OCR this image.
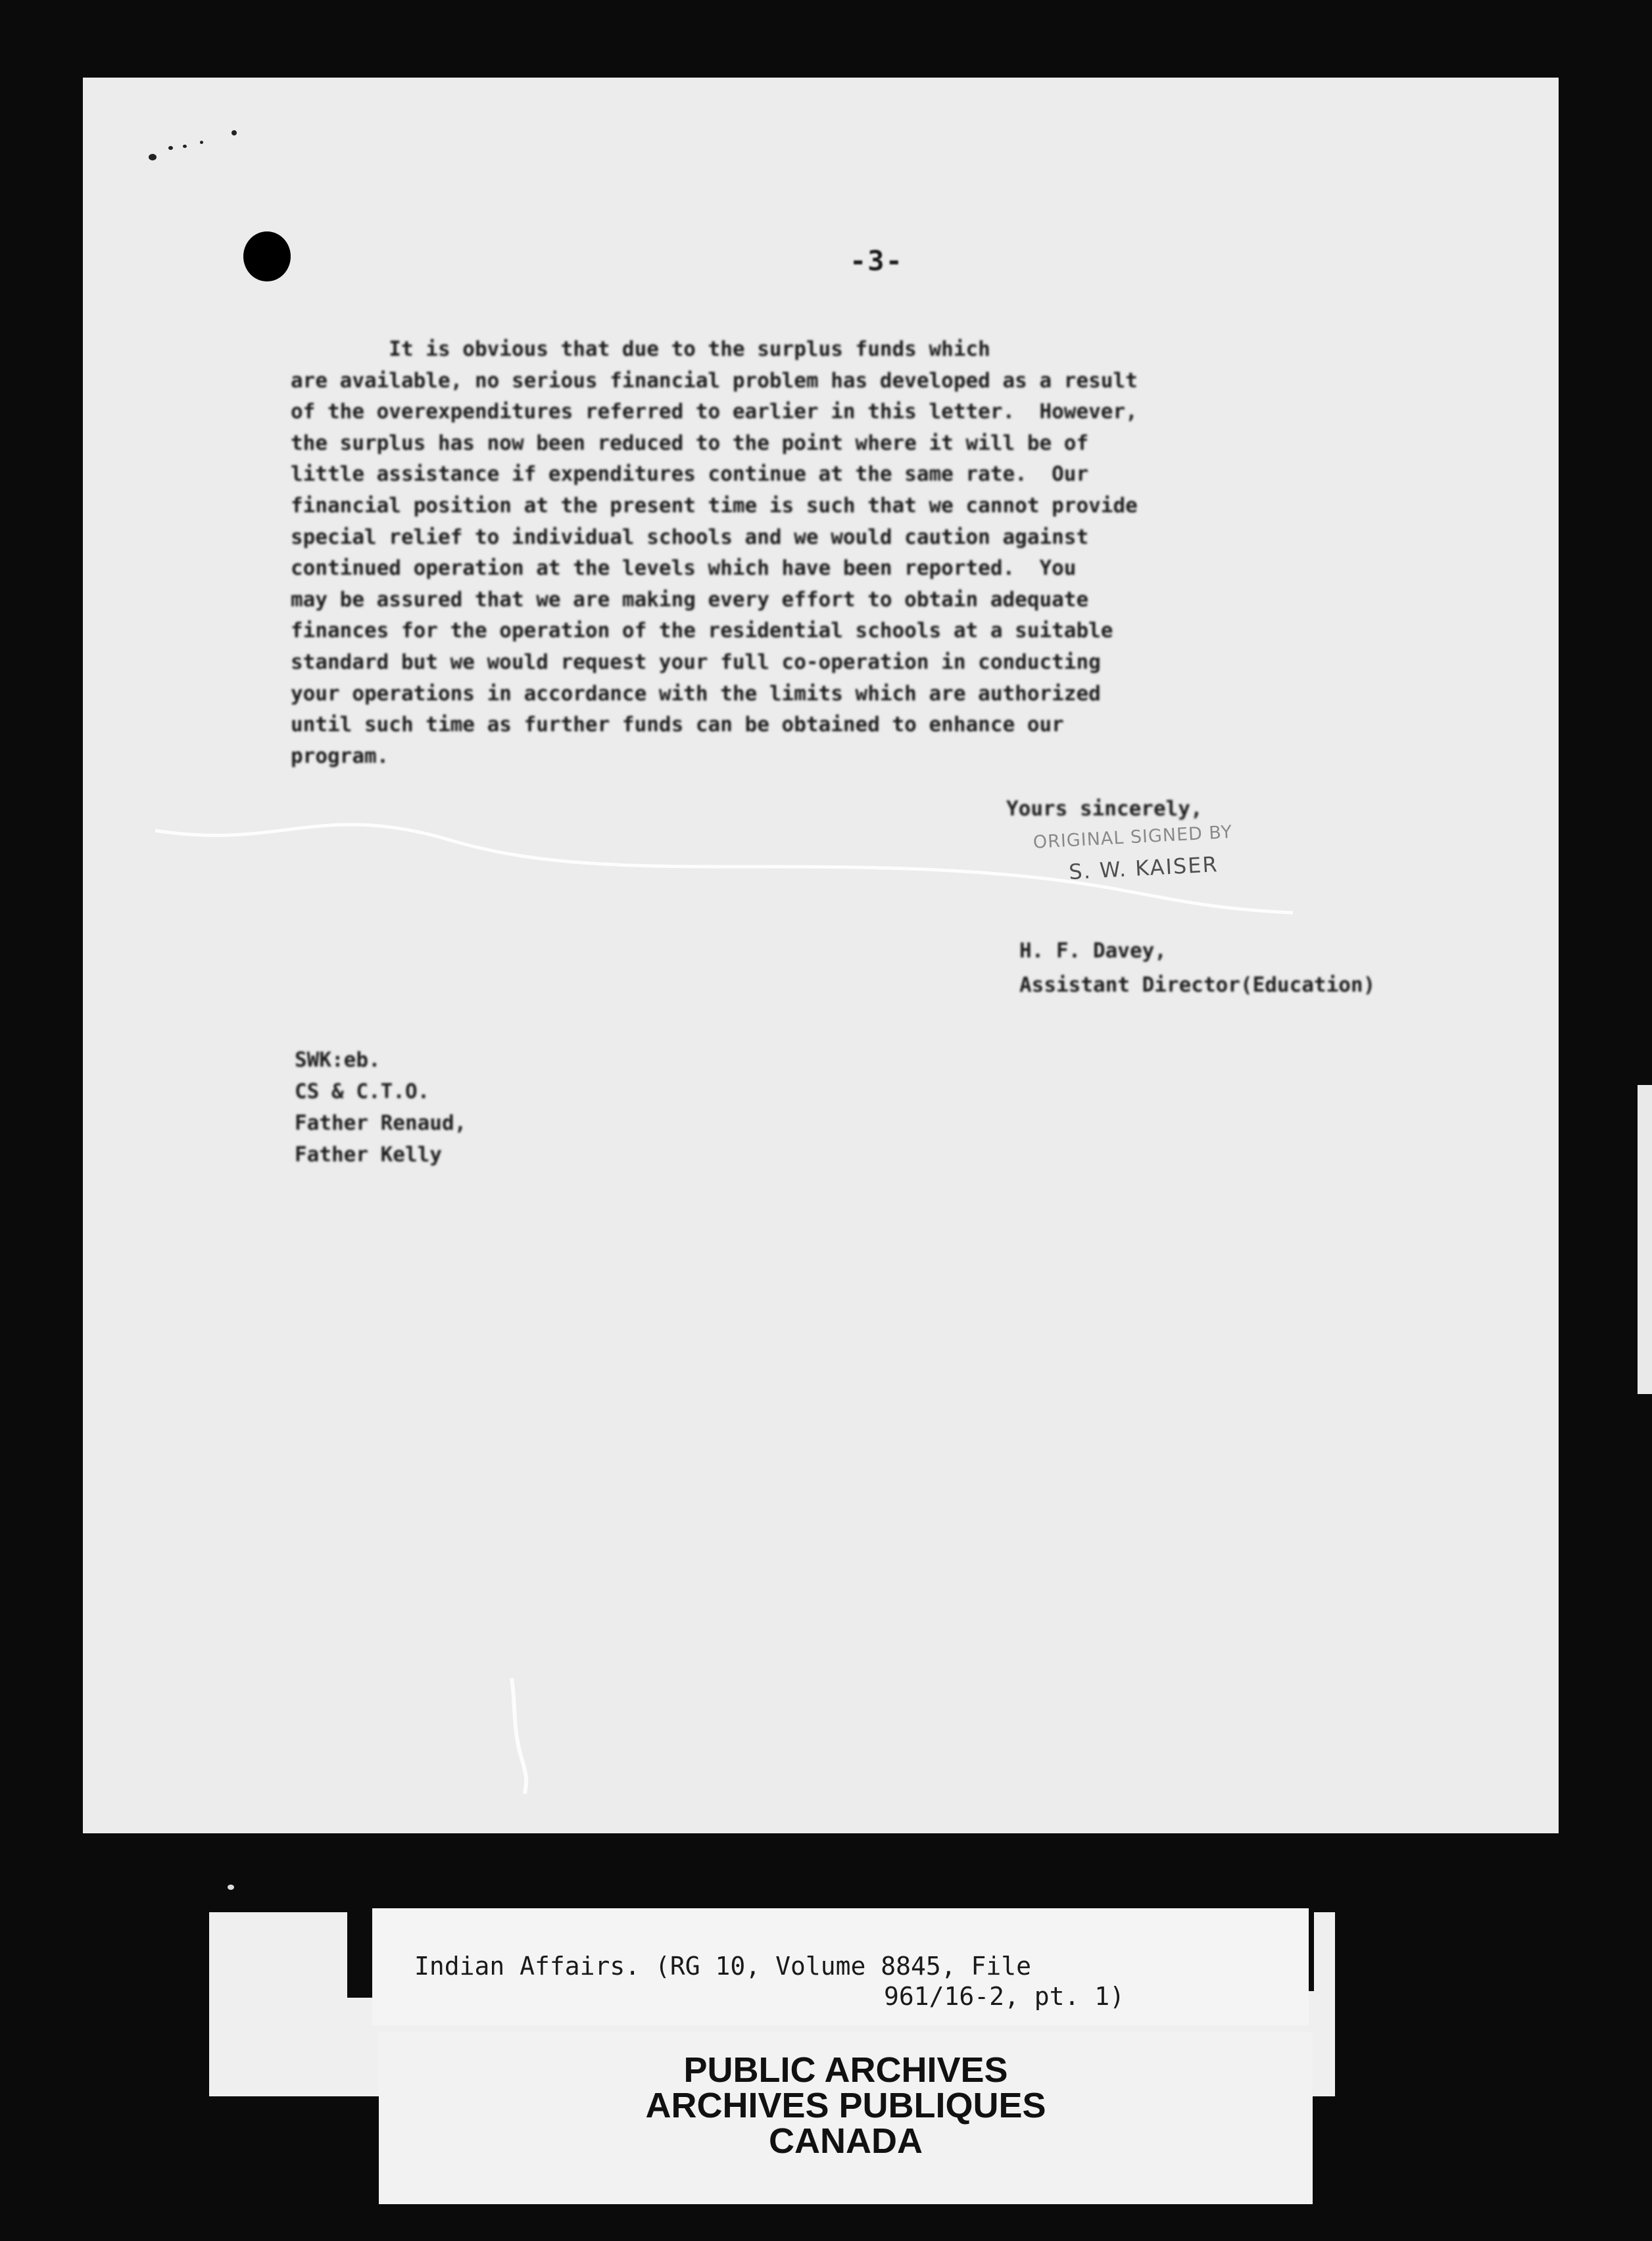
-3-
It is obvious that due to the surplus funds which
are available, no serious financial problem has developed as a result
of the overexpenditures referred to earlier in this letter.  However,
the surplus has now been reduced to the point where it will be of
little assistance if expenditures continue at the same rate.  Our
financial position at the present time is such that we cannot provide
special relief to individual schools and we would caution against
continued operation at the levels which have been reported.  You
may be assured that we are making every effort to obtain adequate
finances for the operation of the residential schools at a suitable
standard but we would request your full co-operation in conducting
your operations in accordance with the limits which are authorized
until such time as further funds can be obtained to enhance our
program.
Yours sincerely,
ORIGINAL SIGNED BY
S. W. KAISER
H. F. Davey,
Assistant Director(Education)
SWK:eb.
CS & C.T.O.
Father Renaud,
Father Kelly
Indian Affairs. (RG 10, Volume 8845, File
961/16-2, pt. 1)
PUBLIC ARCHIVES
ARCHIVES PUBLIQUES
CANADA
